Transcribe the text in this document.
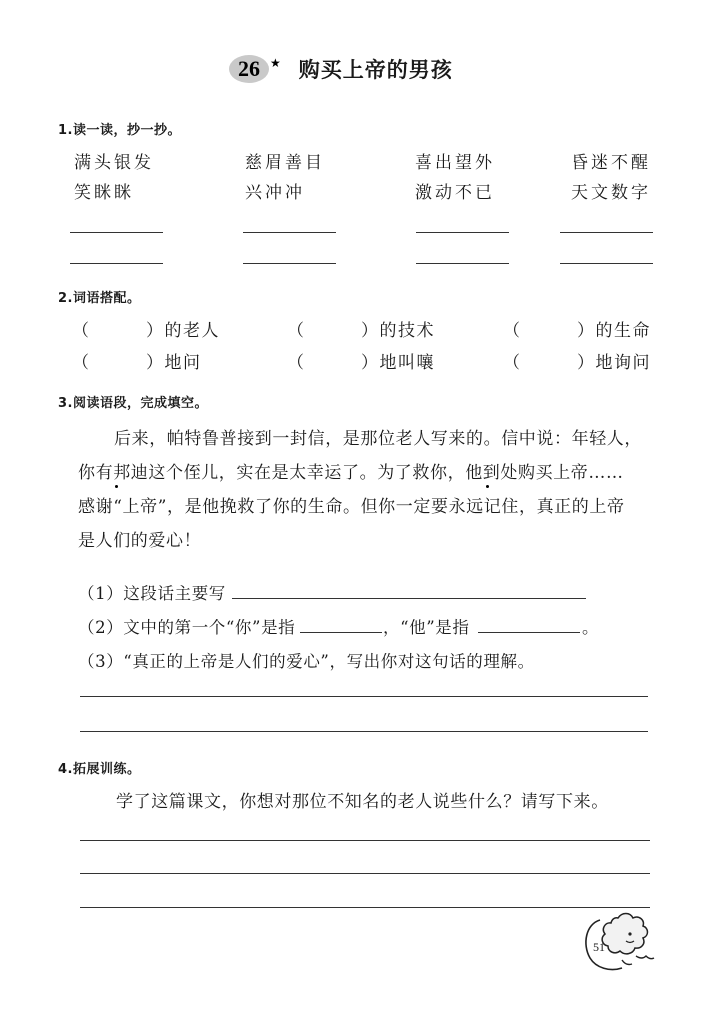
26 ★ 购买上帝的男孩
1.读一读，抄一抄。
满头银发	慈眉善目	喜出望外	昏迷不醒
笑眯眯	兴冲冲	激动不已	天文数字
2.词语搭配。
（　　　）的老人	（　　　）的技术	（　　　）的生命
（　　　）地问	（　　　）地叫嚷	（　　　）地询问
3.阅读语段，完成填空。
后来，帕特鲁普接到一封信，是那位老人写来的。信中说：年轻人，
你有邦迪这个侄儿，实在是太幸运了。为了救你，他到处购买上帝……
感谢“上帝”，是他挽救了你的生命。但你一定要永远记住，真正的上帝
是人们的爱心！
（1）这段话主要写
（2）文中的第一个“你”是指	，“他”是指	。
（3）“真正的上帝是人们的爱心”，写出你对这句话的理解。
4.拓展训练。
学了这篇课文，你想对那位不知名的老人说些什么？请写下来。
51
